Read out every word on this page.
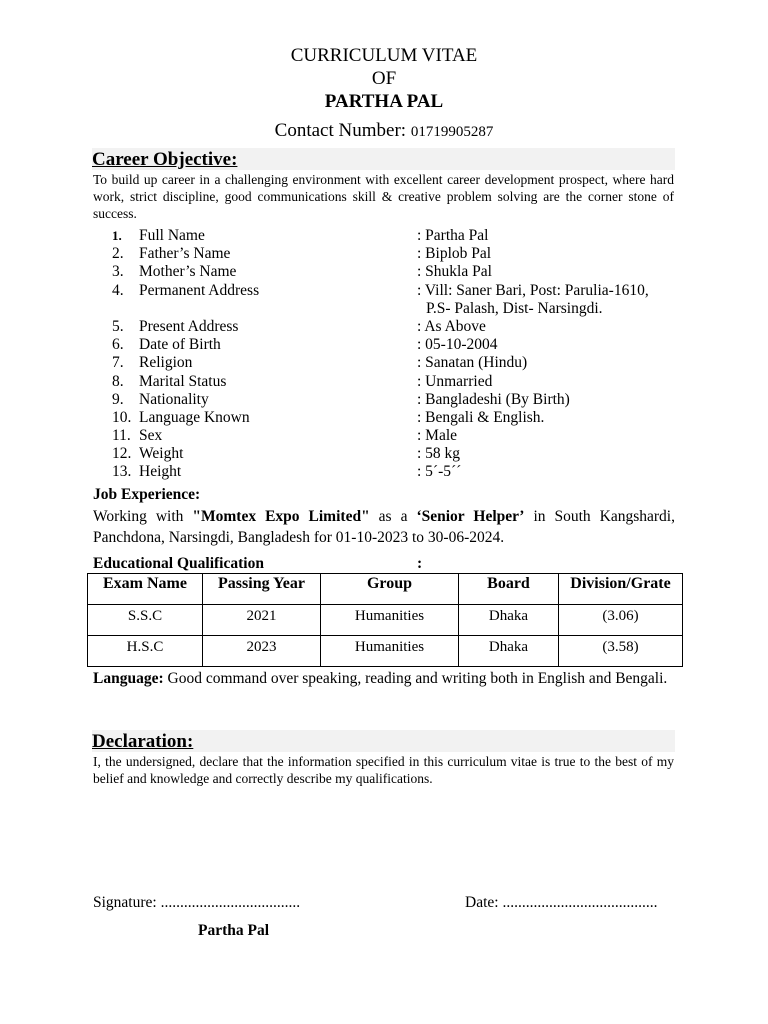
CURRICULUM VITAE
OF
PARTHA PAL
Contact Number: 01719905287
Career Objective:
To build up career in a challenging environment with excellent career development prospect, where hard work, strict discipline, good communications skill & creative problem solving are the corner stone of success.
1.	Full Name	: Partha Pal
2. Father’s Name	: Biplob Pal
3. Mother’s Name	: Shukla Pal
4. Permanent Address	: Vill: Saner Bari, Post: Parulia-1610,
P.S- Palash, Dist- Narsingdi.
5. Present Address	: As Above
6. Date of Birth	: 05-10-2004
7. Religion	: Sanatan (Hindu)
8. Marital Status	: Unmarried
9. Nationality	: Bangladeshi (By Birth)
10. Language Known	: Bengali & English.
11. Sex	: Male
12. Weight	: 58 kg
13. Height	: 5´-5´´
Job Experience:
Working with "Momtex Expo Limited" as a ‘Senior Helper’ in South Kangshardi, Panchdona, Narsingdi, Bangladesh for 01-10-2023 to 30-06-2024.
Educational Qualification	:
Exam Name	Passing Year	Group	Board	Division/Grate
S.S.C	2021	Humanities	Dhaka	(3.06)
H.S.C	2023	Humanities	Dhaka	(3.58)
Language: Good command over speaking, reading and writing both in English and Bengali.
Declaration:
I, the undersigned, declare that the information specified in this curriculum vitae is true to the best of my belief and knowledge and correctly describe my qualifications.
Signature: ....................................	Date: ........................................
Partha Pal
